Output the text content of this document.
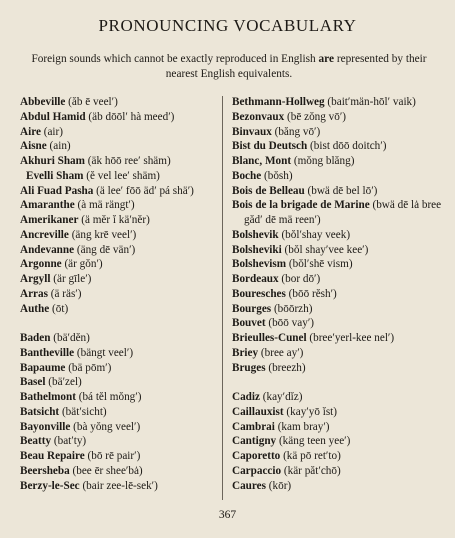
PRONOUNCING VOCABULARY
Foreign sounds which cannot be exactly reproduced in English are represented by their nearest English equivalents.
Abbeville (ăb ē veel′)
Abdul Hamid (äb dōōl′ hà meed′)
Aire (air)
Aisne (ain)
Akhuri Sham (äk hōō ree′ shäm)
Evelli Sham (ĕ vel lee′ shäm)
Ali Fuad Pasha (ä lee′ fōō äd′ pá shä′)
Amaranthe (à mä rängt′)
Amerikaner (ä mĕr ĭ kä′nĕr)
Ancreville (äng krē veel′)
Andevanne (äng dē vän′)
Argonne (är gŏn′)
Argyll (är gīle′)
Arras (ä räs′)
Authe (ōt)
Baden (bä′dĕn)
Bantheville (bängt veel′)
Bapaume (bä pōm′)
Basel (bä′zel)
Bathelmont (bá tĕl mŏng′)
Batsicht (bät′sicht)
Bayonville (bà yŏng veel′)
Beatty (bat′ty)
Beau Repaire (bō rē pair′)
Beersheba (bee ēr shee′bȧ)
Berzy-le-Sec (bair zee-lē-sek′)
Bethmann-Hollweg (bait′män-hōl′ vaik)
Bezonvaux (bē zŏng vō′)
Binvaux (băng vō′)
Bist du Deutsch (bist dōō doitch′)
Blanc, Mont (mŏng blăng)
Boche (bŏsh)
Bois de Belleau (bwä dē bel lō′)
Bois de la brigade de Marine (bwä dē lȧ bree găd′ dē mä reen′)
Bolshevik (bŏl′shay veek)
Bolsheviki (bŏl shay′vee kee′)
Bolshevism (bŏl′shē vism)
Bordeaux (bor dō′)
Bouresches (bōō rĕsh′)
Bourges (bōōrzh)
Bouvet (bōō vay′)
Brieulles-Cunel (bree′yerl-kee nel′)
Briey (bree ay′)
Bruges (breezh)
Cadiz (kay′dĭz)
Caillauxist (kay′yō ĭst)
Cambrai (kam bray′)
Cantigny (käng teen yee′)
Caporetto (kä pō ret′to)
Carpaccio (kär păt′chō)
Caures (kōr)
367
